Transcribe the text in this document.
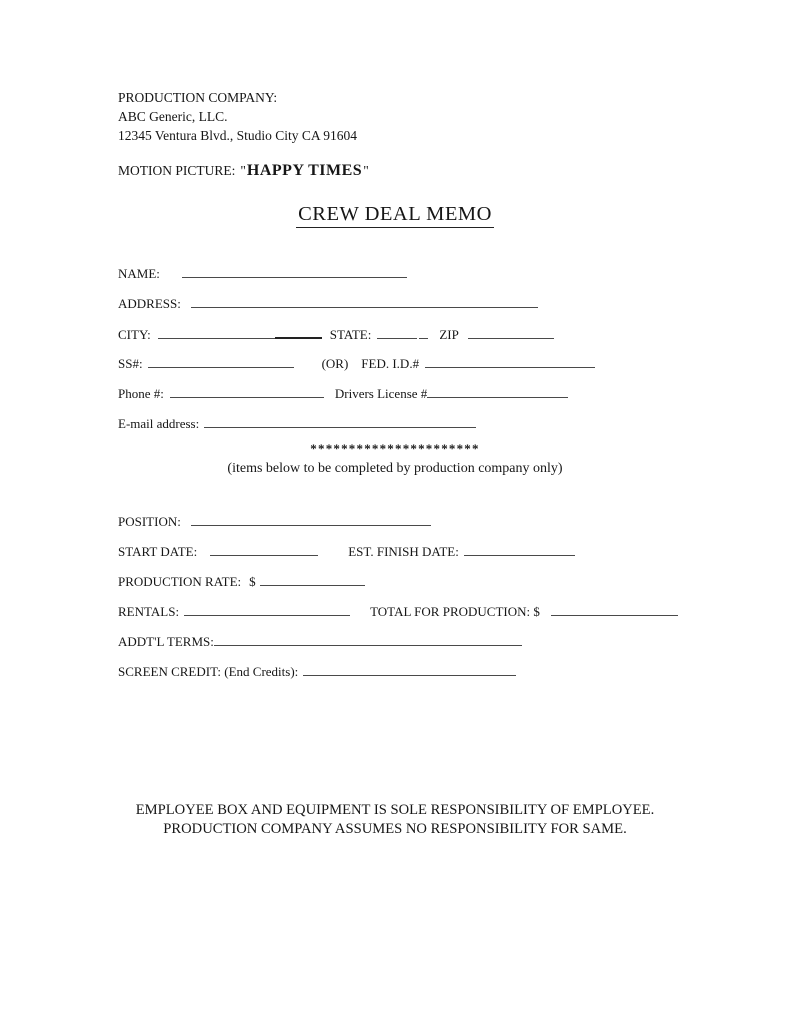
PRODUCTION COMPANY:
ABC Generic, LLC.
12345 Ventura Blvd., Studio City CA 91604
MOTION PICTURE: " HAPPY TIMES "
CREW DEAL MEMO
NAME:
ADDRESS:
CITY:	STATE:	ZIP
SS#:	(OR) FED. I.D.#
Phone #:	Drivers License #
E-mail address:
**********************
(items below to be completed by production company only)
POSITION:
START DATE:	EST. FINISH DATE:
PRODUCTION RATE: $
RENTALS:	TOTAL FOR PRODUCTION: $
ADDT'L TERMS:
SCREEN CREDIT: (End Credits):
EMPLOYEE BOX AND EQUIPMENT IS SOLE RESPONSIBILITY OF EMPLOYEE.
PRODUCTION COMPANY ASSUMES NO RESPONSIBILITY FOR SAME.
